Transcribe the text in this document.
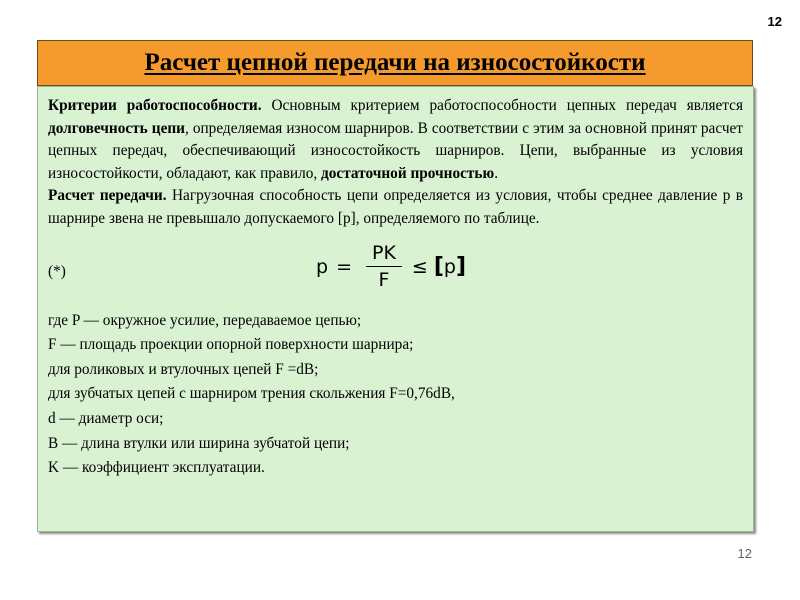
12
Расчет цепной передачи на износостойкости

Критерии работоспособности. Основным критерием работоспособности цепных передач является долговечность цепи, определяемая износом шарниров. В соответствии с этим за основной принят расчет цепных передач, обеспечивающий износостойкость шарниров. Цепи, выбранные из условия износостойкости, обладают, как правило, достаточной прочностью.

Расчет передачи. Нагрузочная способность цепи определяется из условия, чтобы среднее давление p в шарнире звена не превышало допускаемого [p], определяемого по таблице.

(*)	$p = \frac{PK}{F}$ ≤ [ p ]
где P — окружное усилие, передаваемое цепью;
F — площадь проекции опорной поверхности шарнира;
для роликовых и втулочных цепей F =dB;
для зубчатых цепей с шарниром трения скольжения F=0,76dB,
d — диаметр оси;
B — длина втулки или ширина зубчатой цепи;
K — коэффициент эксплуатации.
12
